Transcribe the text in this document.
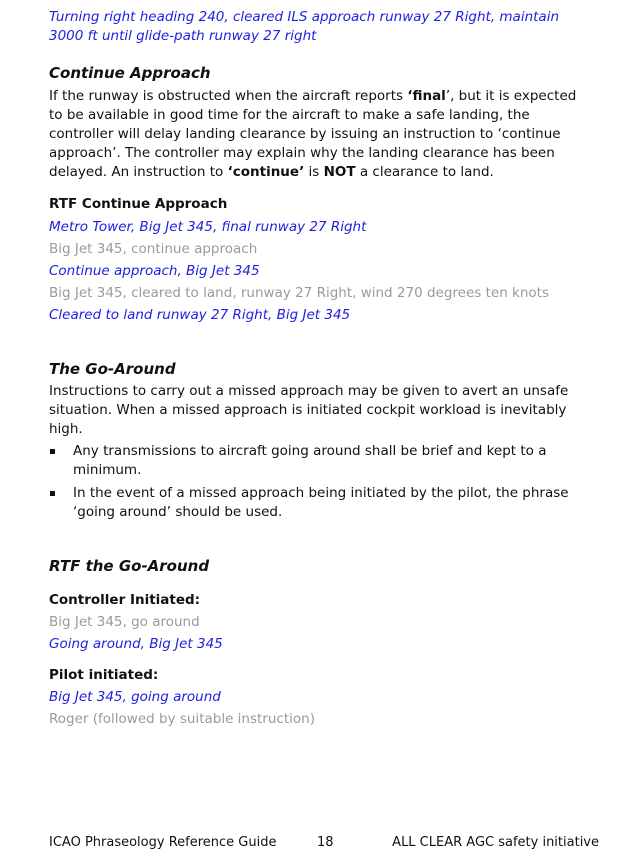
Turning right heading 240, cleared ILS approach runway 27 Right, maintain

3000 ft until glide-path runway 27 right

Continue Approach

If the runway is obstructed when the aircraft reports ‘final’, but it is expected to be available in good time for the aircraft to make a safe landing, the controller will delay landing clearance by issuing an instruction to ‘continue approach’. The controller may explain why the landing clearance has been delayed. An instruction to ‘continue’ is NOT a clearance to land.

RTF Continue Approach

Metro Tower, Big Jet 345, final runway 27 Right

Big Jet 345, continue approach

Continue approach, Big Jet 345

Big Jet 345, cleared to land, runway 27 Right, wind 270 degrees ten knots

Cleared to land runway 27 Right, Big Jet 345

The Go-Around

Instructions to carry out a missed approach may be given to avert an unsafe situation. When a missed approach is initiated cockpit workload is inevitably high.

Any transmissions to aircraft going around shall be brief and kept to a minimum.
In the event of a missed approach being initiated by the pilot, the phrase ‘going around’ should be used.
RTF the Go-Around
Controller Initiated:

Big Jet 345, go around

Going around, Big Jet 345

Pilot initiated:

Big Jet 345, going around

Roger (followed by suitable instruction)

ICAO Phraseology Reference Guide	18	ALL CLEAR AGC safety initiative
